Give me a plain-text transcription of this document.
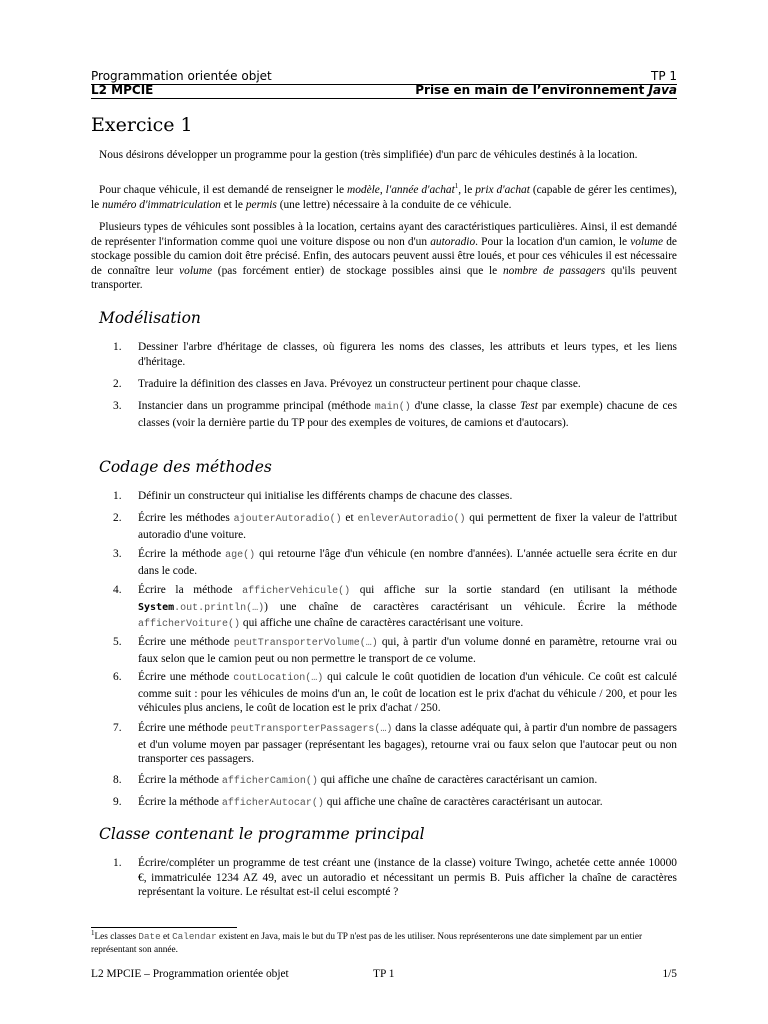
Programmation orientée objet	TP 1
L2 MPCIE	Prise en main de l’environnement Java
Exercice 1

Nous désirons développer un programme pour la gestion (très simplifiée) d'un parc de véhicules destinés à la location.

Pour chaque véhicule, il est demandé de renseigner le modèle, l'année d'achat$^1$, le prix d'achat (capable de gérer les centimes), le numéro d'immatriculation et le permis (une lettre) nécessaire à la conduite de ce véhicule.

Plusieurs types de véhicules sont possibles à la location, certains ayant des caractéristiques particulières. Ainsi, il est demandé de représenter l'information comme quoi une voiture dispose ou non d'un autoradio. Pour la location d'un camion, le volume de stockage possible du camion doit être précisé. Enfin, des autocars peuvent aussi être loués, et pour ces véhicules il est nécessaire de connaître leur volume (pas forcément entier) de stockage possibles ainsi que le nombre de passagers qu'ils peuvent transporter.

Modélisation
1. Dessiner l'arbre d'héritage de classes, où figurera les noms des classes, les attributs et leurs types, et les liens d'héritage.
2. Traduire la définition des classes en Java. Prévoyez un constructeur pertinent pour chaque classe.
3. Instancier dans un programme principal (méthode main() d'une classe, la classe Test par exemple) chacune de ces classes (voir la dernière partie du TP pour des exemples de voitures, de camions et d'autocars).
Codage des méthodes
1. Définir un constructeur qui initialise les différents champs de chacune des classes.
2. Écrire les méthodes ajouterAutoradio() et enleverAutoradio() qui permettent de fixer la valeur de l'attribut autoradio d'une voiture.
3. Écrire la méthode age() qui retourne l'âge d'un véhicule (en nombre d'années). L'année actuelle sera écrite en dur dans le code.
4. Écrire la méthode afficherVehicule() qui affiche sur la sortie standard (en utilisant la méthode System.out.println(…)) une chaîne de caractères caractérisant un véhicule. Écrire la méthode afficherVoiture() qui affiche une chaîne de caractères caractérisant une voiture.
5. Écrire une méthode peutTransporterVolume(…) qui, à partir d'un volume donné en paramètre, retourne vrai ou faux selon que le camion peut ou non permettre le transport de ce volume.
6. Écrire une méthode coutLocation(…) qui calcule le coût quotidien de location d'un véhicule. Ce coût est calculé comme suit : pour les véhicules de moins d'un an, le coût de location est le prix d'achat du véhicule / 200, et pour les véhicules plus anciens, le coût de location est le prix d'achat / 250.
7. Écrire une méthode peutTransporterPassagers(…) dans la classe adéquate qui, à partir d'un nombre de passagers et d'un volume moyen par passager (représentant les bagages), retourne vrai ou faux selon que l'autocar peut ou non transporter ces passagers.
8. Écrire la méthode afficherCamion() qui affiche une chaîne de caractères caractérisant un camion.
9. Écrire la méthode afficherAutocar() qui affiche une chaîne de caractères caractérisant un autocar.
Classe contenant le programme principal
1. Écrire/compléter un programme de test créant une (instance de la classe) voiture Twingo, achetée cette année 10000 €, immatriculée 1234 AZ 49, avec un autoradio et nécessitant un permis B. Puis afficher la chaîne de caractères représentant la voiture. Le résultat est-il celui escompté ?
$^1$Les classes Date et Calendar existent en Java, mais le but du TP n'est pas de les utiliser. Nous représenterons une date simplement par un entier représentant son année.
L2 MPCIE – Programmation orientée objet	TP 1	1/5
